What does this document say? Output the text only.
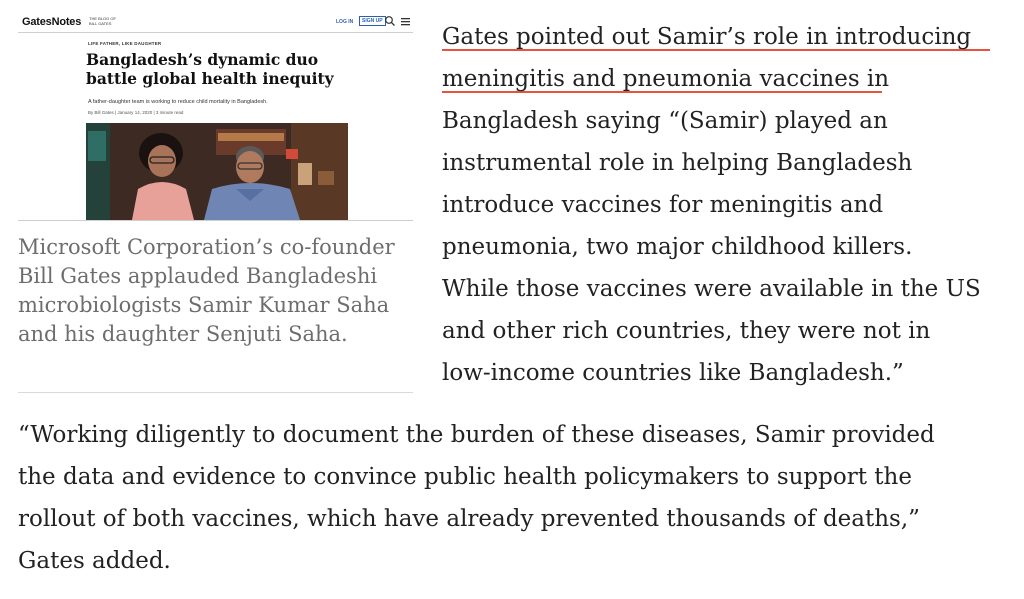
GatesNotes THE BLOG OF BILL GATES	LOG IN	SIGN UP
LIFE FATHER, LIKE DAUGHTER
Bangladesh’s dynamic duo
battle global health inequity
A father-daughter team is working to reduce child mortality in Bangladesh.
By Bill Gates | January 14, 2020 | 3 minute read

Microsoft Corporation’s co-founder Bill Gates applauded Bangladeshi microbiologists Samir Kumar Saha and his daughter Senjuti Saha.

Gates pointed out Samir’s role in introducing
meningitis and pneumonia vaccines in
Bangladesh saying “(Samir) played an
instrumental role in helping Bangladesh
introduce vaccines for meningitis and
pneumonia, two major childhood killers.
While those vaccines were available in the US
and other rich countries, they were not in
low-income countries like Bangladesh.”
“Working diligently to document the burden of these diseases, Samir provided
the data and evidence to convince public health policymakers to support the
rollout of both vaccines, which have already prevented thousands of deaths,”
Gates added.
